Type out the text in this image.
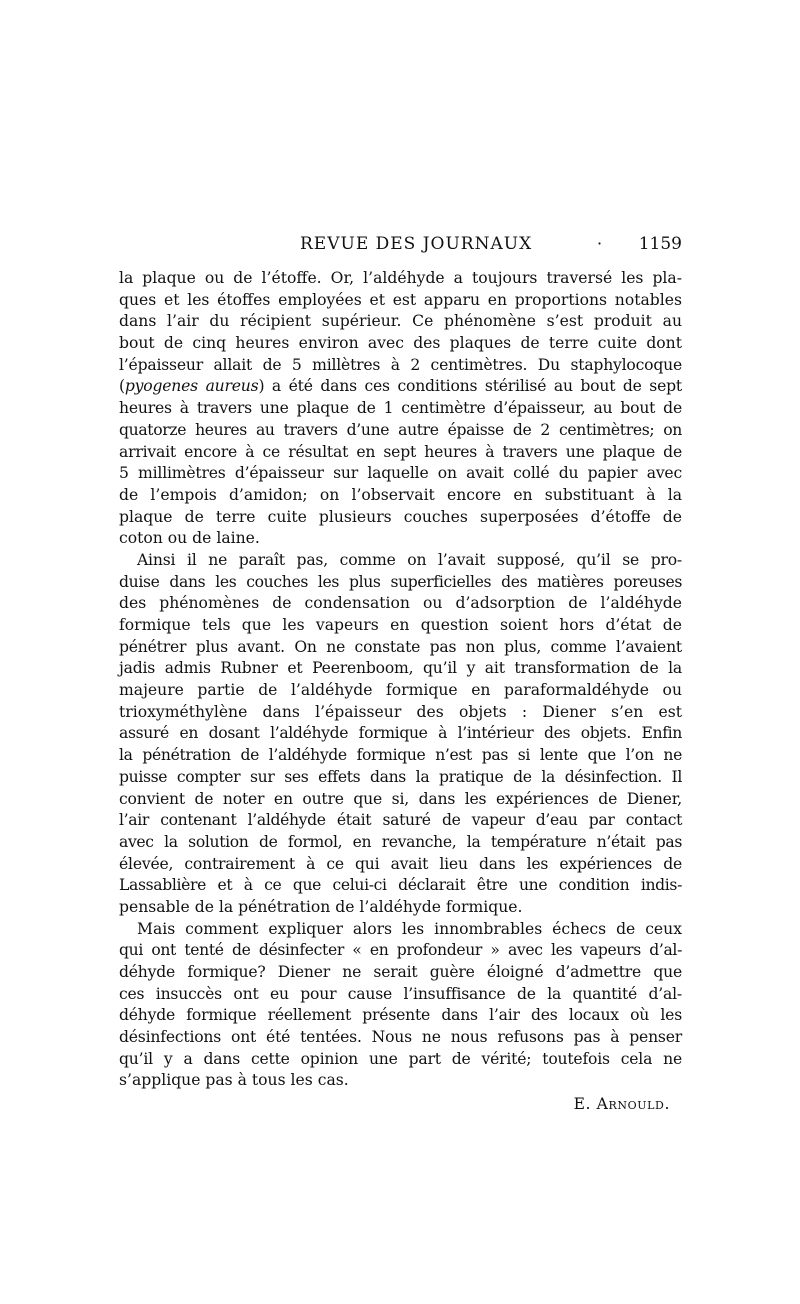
REVUE DES JOURNAUX	· 1159
la plaque ou de l’étoffe. Or, l’aldéhyde a toujours traversé les pla-
ques et les étoffes employées et est apparu en proportions notables
dans l’air du récipient supérieur. Ce phénomène s’est produit au
bout de cinq heures environ avec des plaques de terre cuite dont
l’épaisseur allait de 5 millètres à 2 centimètres. Du staphylocoque
(pyogenes aureus) a été dans ces conditions stérilisé au bout de sept
heures à travers une plaque de 1 centimètre d’épaisseur, au bout de
quatorze heures au travers d’une autre épaisse de 2 centimètres; on
arrivait encore à ce résultat en sept heures à travers une plaque de
5 millimètres d’épaisseur sur laquelle on avait collé du papier avec
de l’empois d’amidon; on l’observait encore en substituant à la
plaque de terre cuite plusieurs couches superposées d’étoffe de
coton ou de laine.
Ainsi il ne paraît pas, comme on l’avait supposé, qu’il se pro-
duise dans les couches les plus superficielles des matières poreuses
des phénomènes de condensation ou d’adsorption de l’aldéhyde
formique tels que les vapeurs en question soient hors d’état de
pénétrer plus avant. On ne constate pas non plus, comme l’avaient
jadis admis Rubner et Peerenboom, qu’il y ait transformation de la
majeure partie de l’aldéhyde formique en paraformaldéhyde ou
trioxyméthylène dans l’épaisseur des objets : Diener s’en est
assuré en dosant l’aldéhyde formique à l’intérieur des objets. Enfin
la pénétration de l’aldéhyde formique n’est pas si lente que l’on ne
puisse compter sur ses effets dans la pratique de la désinfection. Il
convient de noter en outre que si, dans les expériences de Diener,
l’air contenant l’aldéhyde était saturé de vapeur d’eau par contact
avec la solution de formol, en revanche, la température n’était pas
élevée, contrairement à ce qui avait lieu dans les expériences de
Lassablière et à ce que celui-ci déclarait être une condition indis-
pensable de la pénétration de l’aldéhyde formique.
Mais comment expliquer alors les innombrables échecs de ceux
qui ont tenté de désinfecter « en profondeur » avec les vapeurs d’al-
déhyde formique? Diener ne serait guère éloigné d’admettre que
ces insuccès ont eu pour cause l’insuffisance de la quantité d’al-
déhyde formique réellement présente dans l’air des locaux où les
désinfections ont été tentées. Nous ne nous refusons pas à penser
qu’il y a dans cette opinion une part de vérité; toutefois cela ne
s’applique pas à tous les cas.
E. Arnould.
